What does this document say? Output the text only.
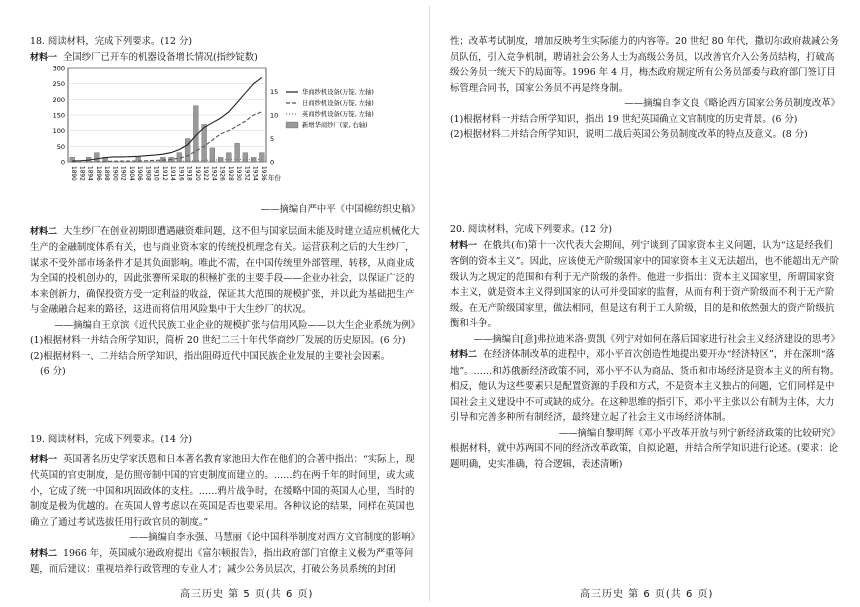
18. 阅读材料，完成下列要求。(12 分)

材料一 全国纱厂已开车的机器设备增长情况(指纱锭数)

0
50
100
150
200
250
300
0
5
10
15
1890 1892 1894 1896 1898 1900 1902 1904 1906 1908 1910 1912 1914 1916 1918 1920 1922 1924 1926 1928 1930 1932 1934 1936 年份
华商纱机设备(万锭, 左轴)
日商纱机设备(万锭, 左轴)
英商纱机设备(万锭, 左轴)
新增华商纱厂(家, 右轴)

——摘编自严中平《中国棉纺织史稿》

材料二 大生纱厂在创业初期即遭遇融资难问题，这不但与国家层面未能及时建立适应机械化大生产的金融制度体系有关，也与商业资本家的传统投机理念有关。运营获利之后的大生纱厂，谋求不受外部市场条件才是其负面影响。唯此不需，在中国传统里外部管理、转移，从商业成为全国的投机创办的，因此张謇所采取的积極扩张的主要手段——企业办社会，以保证广泛的本来创新力，确保投资方受一定利益的收益，保证其大范围的规模扩张，并以此为基础把生产与金融融合起来的路径，这进而将信用风险集中于大生纱厂的状况。

——摘编自王京滨《近代民族工业企业的规模扩张与信用风险——以大生企业系统为例》

(1)根据材料一并结合所学知识，简析 20 世纪二三十年代华商纱厂发展的历史原因。(6 分)

(2)根据材料一、二并结合所学知识，指出阻碍近代中国民族企业发展的主要社会因素。

(6 分)

19. 阅读材料，完成下列要求。(14 分)

材料一 英国著名历史学家沃恩和日本著名教育家池田大作在他们的合著中指出：“实际上，现代英国的官吏制度，是仿照帝制中国的官吏制度而建立的。……约在两千年的时间里，或大或小，它成了统一中国和巩固政体的支柱。……鸦片战争时，在缓略中国的英国人心里，当时的制度是极为优越的。在英国人曾考虑以在英国是否也要采用。各种议论的结果，同样在英国也确立了通过考试选拔任用行政官员的制度。”

——摘编自李永强、马慧丽《论中国科举制度对西方文官制度的影响》

材料二 1966 年，英国威尔逊政府提出《富尔顿报告》，指出政府部门官僚主义极为严重等问题，而后建议：重视培养行政管理的专业人才；减少公务员层次，打破公务员系统的封闭

高三历史 第 5 页(共 6 页)

性；改革考试制度，增加反映考生实际能力的内容等。20 世纪 80 年代，撒切尔政府裁减公务员队伍，引入竞争机制，聘请社会公务人士为高级公务员，以改善官介入公务员结构，打破高级公务员一统天下的局面等。1996 年 4 月，梅杰政府规定所有公务员部委与政府部门签订目标管理合同书，国家公务员不再是终身制。

——摘编自李文良《略论西方国家公务员制度改革》

(1)根据材料一并结合所学知识，指出 19 世纪英国确立文官制度的历史背景。(6 分)

(2)根据材料二并结合所学知识，说明二战后英国公务员制度改革的特点及意义。(8 分)

20. 阅读材料，完成下列要求。(12 分)

材料一 在俄共(布)第十一次代表大会期间，列宁谈到了国家资本主义问题，认为“这是经我们客倒的资本主义”。因此，应该使无产阶级国家中的国家资本主义无法超出，也不能超出无产阶级认为之规定的范围和有利于无产阶级的条件。他进一步指出：资本主义国家里，所谓国家资本主义，就是资本主义得到国家的认可并受国家的监督，从而有利于资产阶级而不利于无产阶级。在无产阶级国家里，做法相同，但是这有利于工人阶级，目的是和依然强大的资产阶级抗衡和斗争。

——摘编自[意]弗拉迪米洛·贾凯《列宁对如何在落后国家进行社会主义经济建设的思考》

材料二 在经济体制改革的进程中，邓小平首次创造性地提出要开办“经济特区”，并在深圳“落地”。……和苏俄新经济政策不同，邓小平不认为商品、货币和市场经济是资本主义的所有物。相反，他认为这些要素只是配置资源的手段和方式，不是资本主义独占的问题，它们同样是中国社会主义建设中不可或缺的成分。在这种思维的指引下，邓小平主张以公有制为主体，大力引导和完善多种所有制经济，最终建立起了社会主义市场经济体制。

——摘编自黎明辉《邓小平改革开放与列宁新经济政策的比较研究》

根据材料，就中苏两国不同的经济改革政策，自拟论题，并结合所学知识进行论述。(要求：论题明确，史实准确，符合逻辑，表述清晰)

高三历史 第 6 页(共 6 页)
